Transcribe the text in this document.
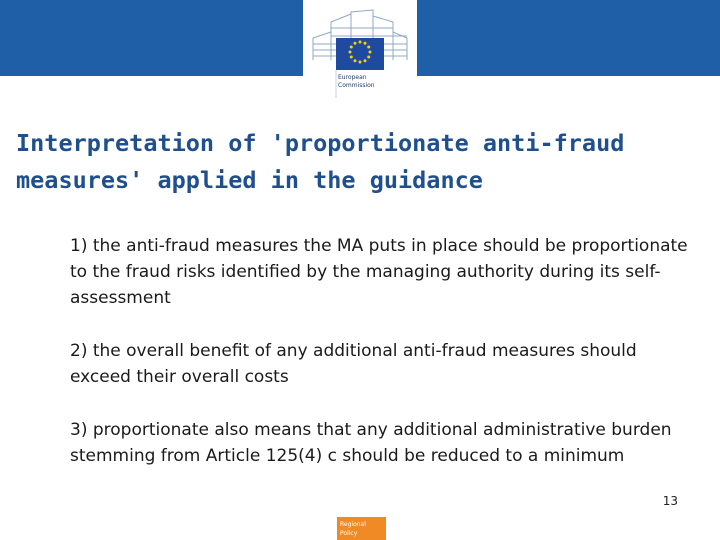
European
Commission
Interpretation of 'proportionate anti-fraud measures' applied in the guidance

1) the anti-fraud measures the MA puts in place should be proportionate to the fraud risks identified by the managing authority during its self-assessment

2) the overall benefit of any additional anti-fraud measures should exceed their overall costs

3) proportionate also means that any additional administrative burden stemming from Article 125(4) c should be reduced to a minimum

13
Regional
Policy
